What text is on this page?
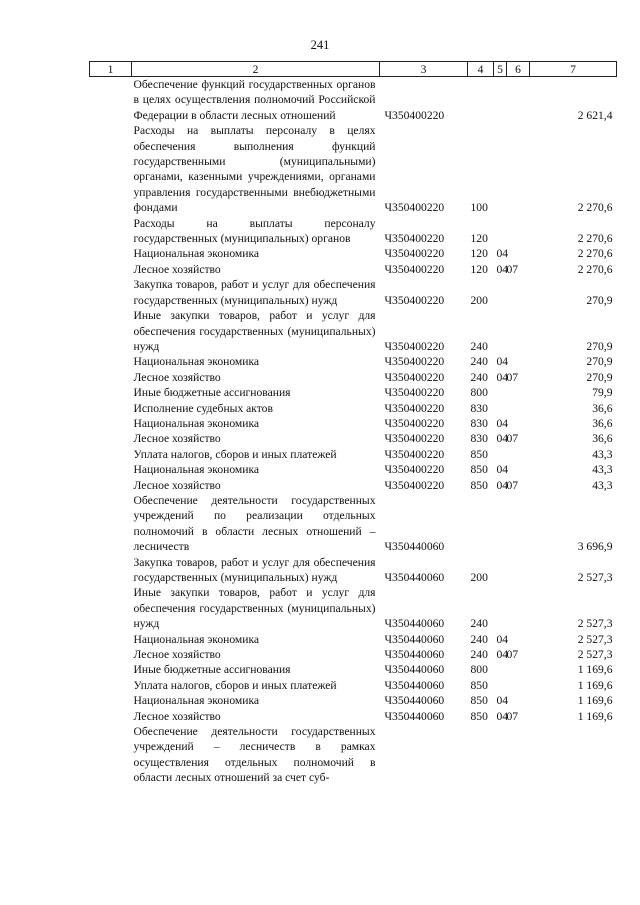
241
1	2	3	4	5	6	7
	Обеспечение функций государственных органов в целях осуществления полномочий Российской Федерации в области лесных отношений	Ч350400220				2 621,4
	Расходы на выплаты персоналу в целях обеспечения выполнения функций государственными (муниципальными) органами, казенными учреждениями, органами управления государственными внебюджетными фондами	Ч350400220	100			2 270,6
	Расходы на выплаты персоналу государственных (муниципальных) органов	Ч350400220	120			2 270,6
	Национальная экономика	Ч350400220	120	04		2 270,6
	Лесное хозяйство	Ч350400220	120	04	07	2 270,6
	Закупка товаров, работ и услуг для обеспечения государственных (муниципальных) нужд	Ч350400220	200			270,9
	Иные закупки товаров, работ и услуг для обеспечения государственных (муниципальных) нужд	Ч350400220	240			270,9
	Национальная экономика	Ч350400220	240	04		270,9
	Лесное хозяйство	Ч350400220	240	04	07	270,9
	Иные бюджетные ассигнования	Ч350400220	800			79,9
	Исполнение судебных актов	Ч350400220	830			36,6
	Национальная экономика	Ч350400220	830	04		36,6
	Лесное хозяйство	Ч350400220	830	04	07	36,6
	Уплата налогов, сборов и иных платежей	Ч350400220	850			43,3
	Национальная экономика	Ч350400220	850	04		43,3
	Лесное хозяйство	Ч350400220	850	04	07	43,3
	Обеспечение деятельности государственных учреждений по реализации отдельных полномочий в области лесных отношений – лесничеств	Ч350440060				3 696,9
	Закупка товаров, работ и услуг для обеспечения государственных (муниципальных) нужд	Ч350440060	200			2 527,3
	Иные закупки товаров, работ и услуг для обеспечения государственных (муниципальных) нужд	Ч350440060	240			2 527,3
	Национальная экономика	Ч350440060	240	04		2 527,3
	Лесное хозяйство	Ч350440060	240	04	07	2 527,3
	Иные бюджетные ассигнования	Ч350440060	800			1 169,6
	Уплата налогов, сборов и иных платежей	Ч350440060	850			1 169,6
	Национальная экономика	Ч350440060	850	04		1 169,6
	Лесное хозяйство	Ч350440060	850	04	07	1 169,6
	Обеспечение деятельности государственных учреждений – лесничеств в рамках осуществления отдельных полномочий в области лесных отношений за счет суб-					
